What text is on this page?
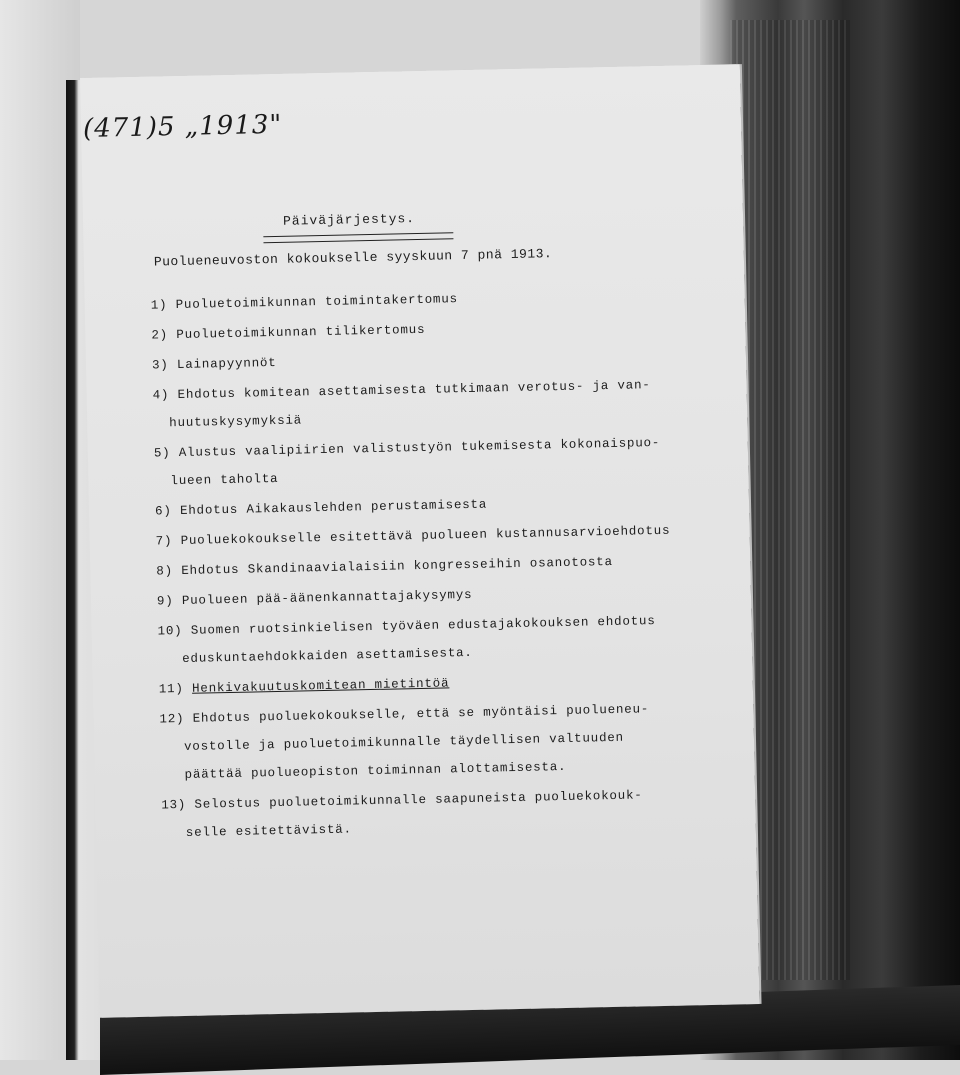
(471)5 „1913"
Päiväjärjestys.
Puolueneuvoston kokoukselle syyskuun 7 pnä 1913.
1) Puoluetoimikunnan toimintakertomus
2) Puoluetoimikunnan tilikertomus
3) Lainapyynnöt
4) Ehdotus komitean asettamisesta tutkimaan verotus- ja van-
huutuskysymyksiä
5) Alustus vaalipiirien valistustyön tukemisesta kokonaispuo-
lueen taholta
6) Ehdotus Aikakauslehden perustamisesta
7) Puoluekokoukselle esitettävä puolueen kustannusarvioehdotus
8) Ehdotus Skandinaavialaisiin kongresseihin osanotosta
9) Puolueen pää-äänenkannattajakysymys
10) Suomen ruotsinkielisen työväen edustajakokouksen ehdotus
eduskuntaehdokkaiden asettamisesta.
11) Henkivakuutuskomitean mietintöä
12) Ehdotus puoluekokoukselle, että se myöntäisi puolueneu-
vostolle ja puoluetoimikunnalle täydellisen valtuuden
päättää puolueopiston toiminnan alottamisesta.
13) Selostus puoluetoimikunnalle saapuneista puoluekokouk-
selle esitettävistä.
